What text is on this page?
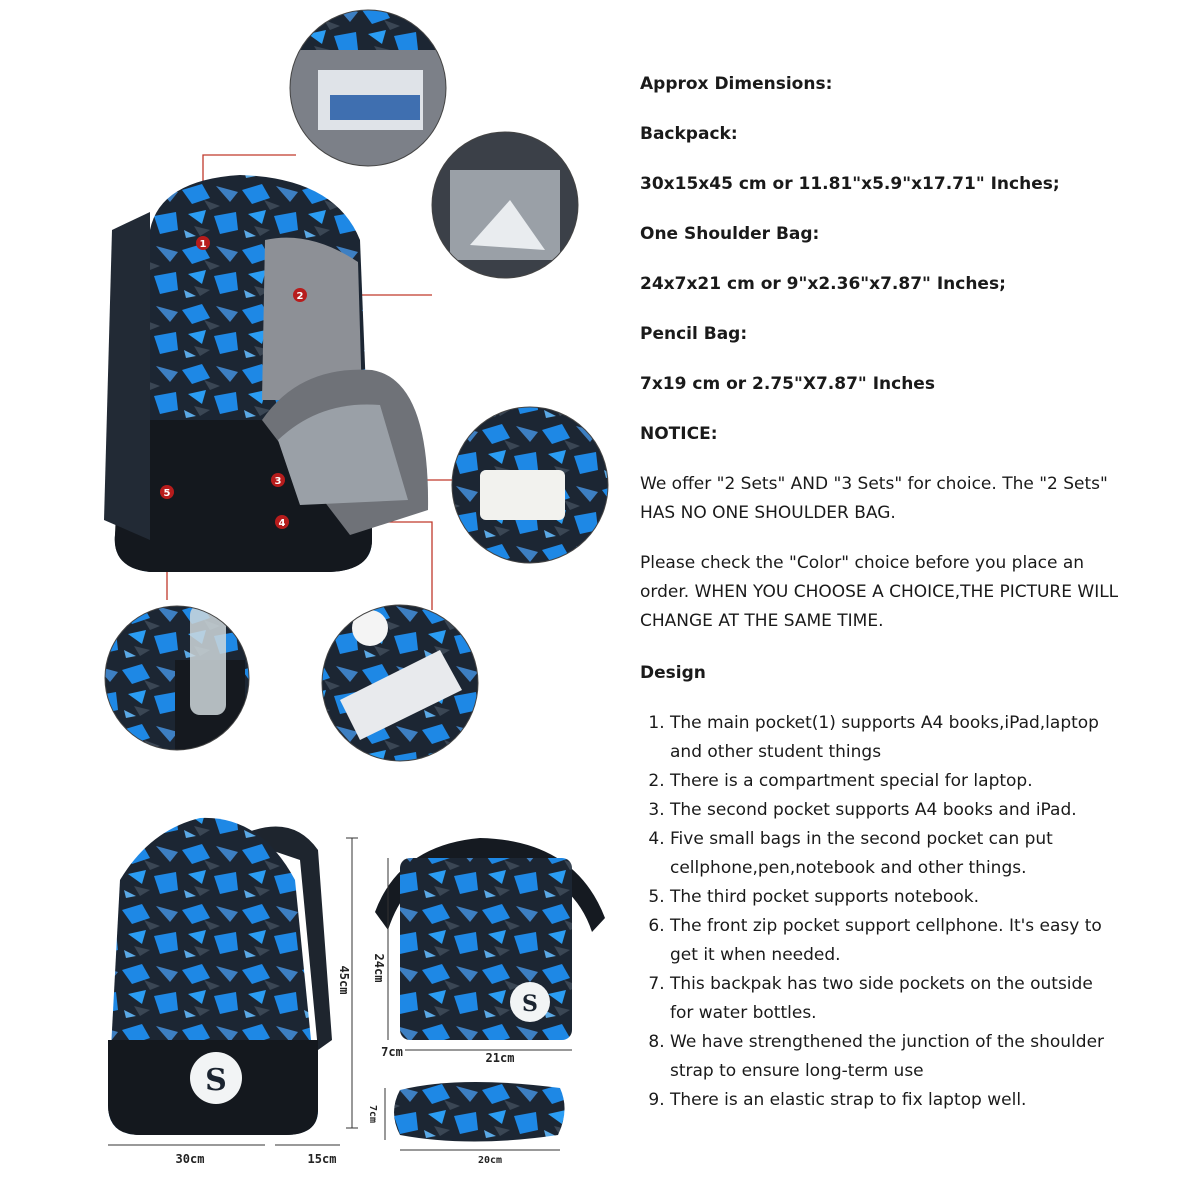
1
2
3
4
5
S
45cm
30cm	15cm
S
24cm
21cm
7cm
7cm
20cm

Approx Dimensions:

Backpack:

30x15x45 cm or 11.81"x5.9"x17.71" Inches;

One Shoulder Bag:

24x7x21 cm or 9"x2.36"x7.87" Inches;

Pencil Bag:

7x19 cm or 2.75"X7.87" Inches

NOTICE:

We offer "2 Sets" AND "3 Sets" for choice. The "2 Sets" HAS NO ONE SHOULDER BAG.

Please check the "Color" choice before you place an order. WHEN YOU CHOOSE A CHOICE,THE PICTURE WILL CHANGE AT THE SAME TIME.

Design

1. The main pocket(1) supports A4 books,iPad,laptop and other student things
2. There is a compartment special for laptop.
3. The second pocket supports A4 books and iPad.
4. Five small bags in the second pocket can put cellphone,pen,notebook and other things.
5. The third pocket supports notebook.
6. The front zip pocket support cellphone. It's easy to get it when needed.
7. This backpak has two side pockets on the outside for water bottles.
8. We have strengthened the junction of the shoulder strap to ensure long-term use
9. There is an elastic strap to fix laptop well.
